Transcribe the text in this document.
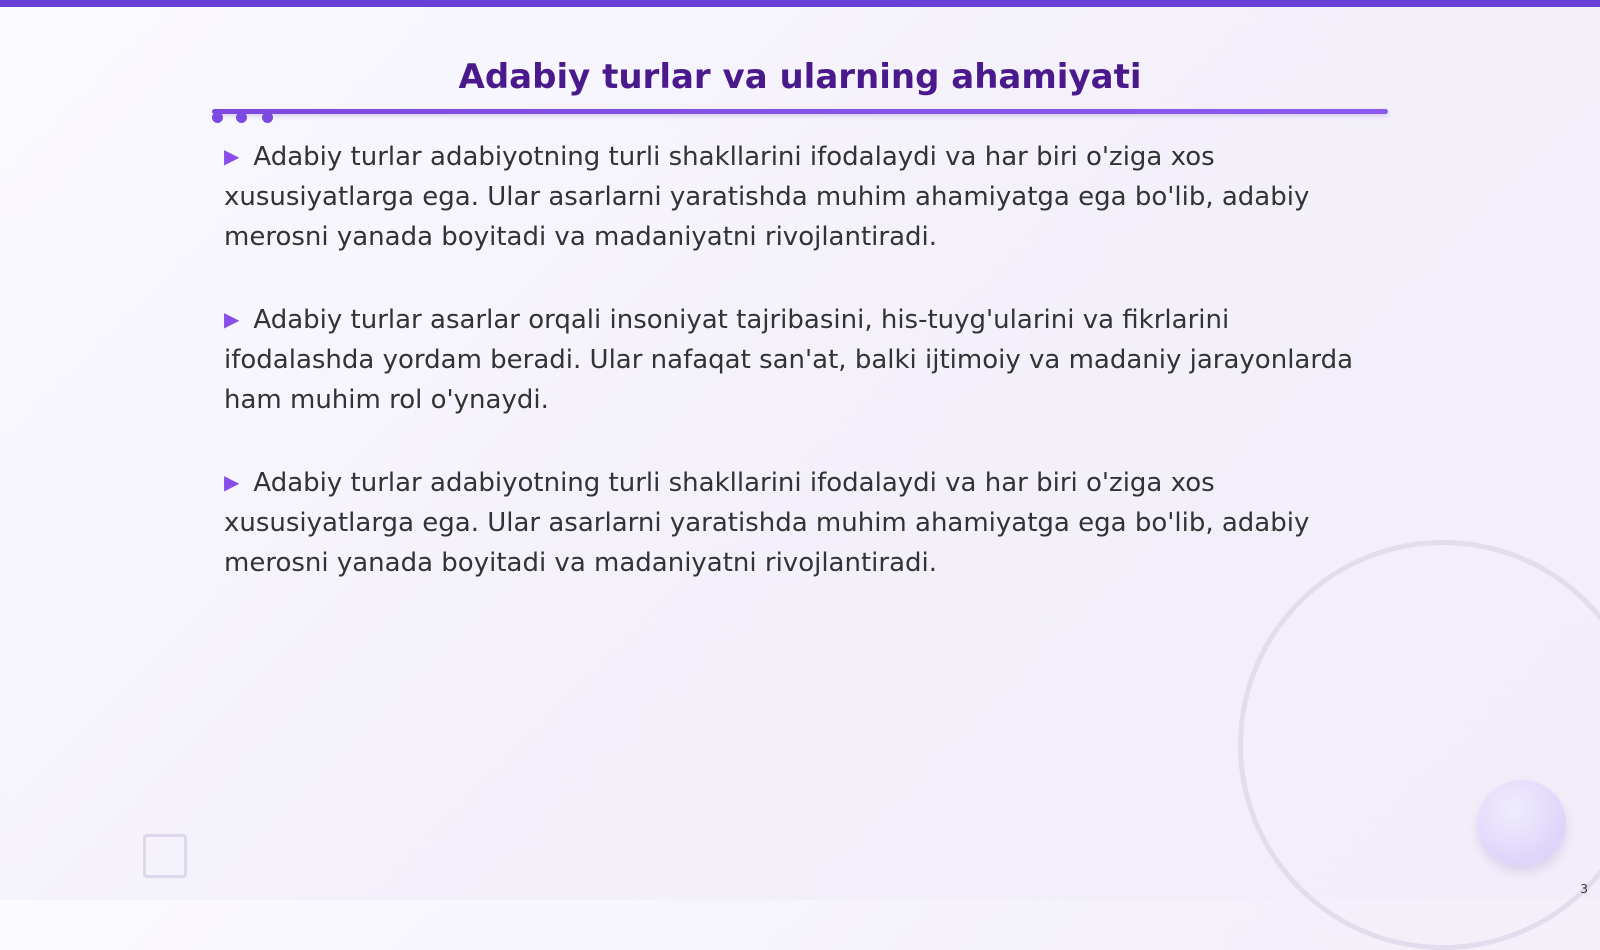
Adabiy turlar va ularning ahamiyati

▶ Adabiy turlar adabiyotning turli shakllarini ifodalaydi va har biri o'ziga xos xususiyatlarga ega. Ular asarlarni yaratishda muhim ahamiyatga ega bo'lib, adabiy merosni yanada boyitadi va madaniyatni rivojlantiradi.

▶ Adabiy turlar asarlar orqali insoniyat tajribasini, his-tuyg'ularini va fikrlarini ifodalashda yordam beradi. Ular nafaqat san'at, balki ijtimoiy va madaniy jarayonlarda ham muhim rol o'ynaydi.

▶ Adabiy turlar adabiyotning turli shakllarini ifodalaydi va har biri o'ziga xos xususiyatlarga ega. Ular asarlarni yaratishda muhim ahamiyatga ega bo'lib, adabiy merosni yanada boyitadi va madaniyatni rivojlantiradi.

3
